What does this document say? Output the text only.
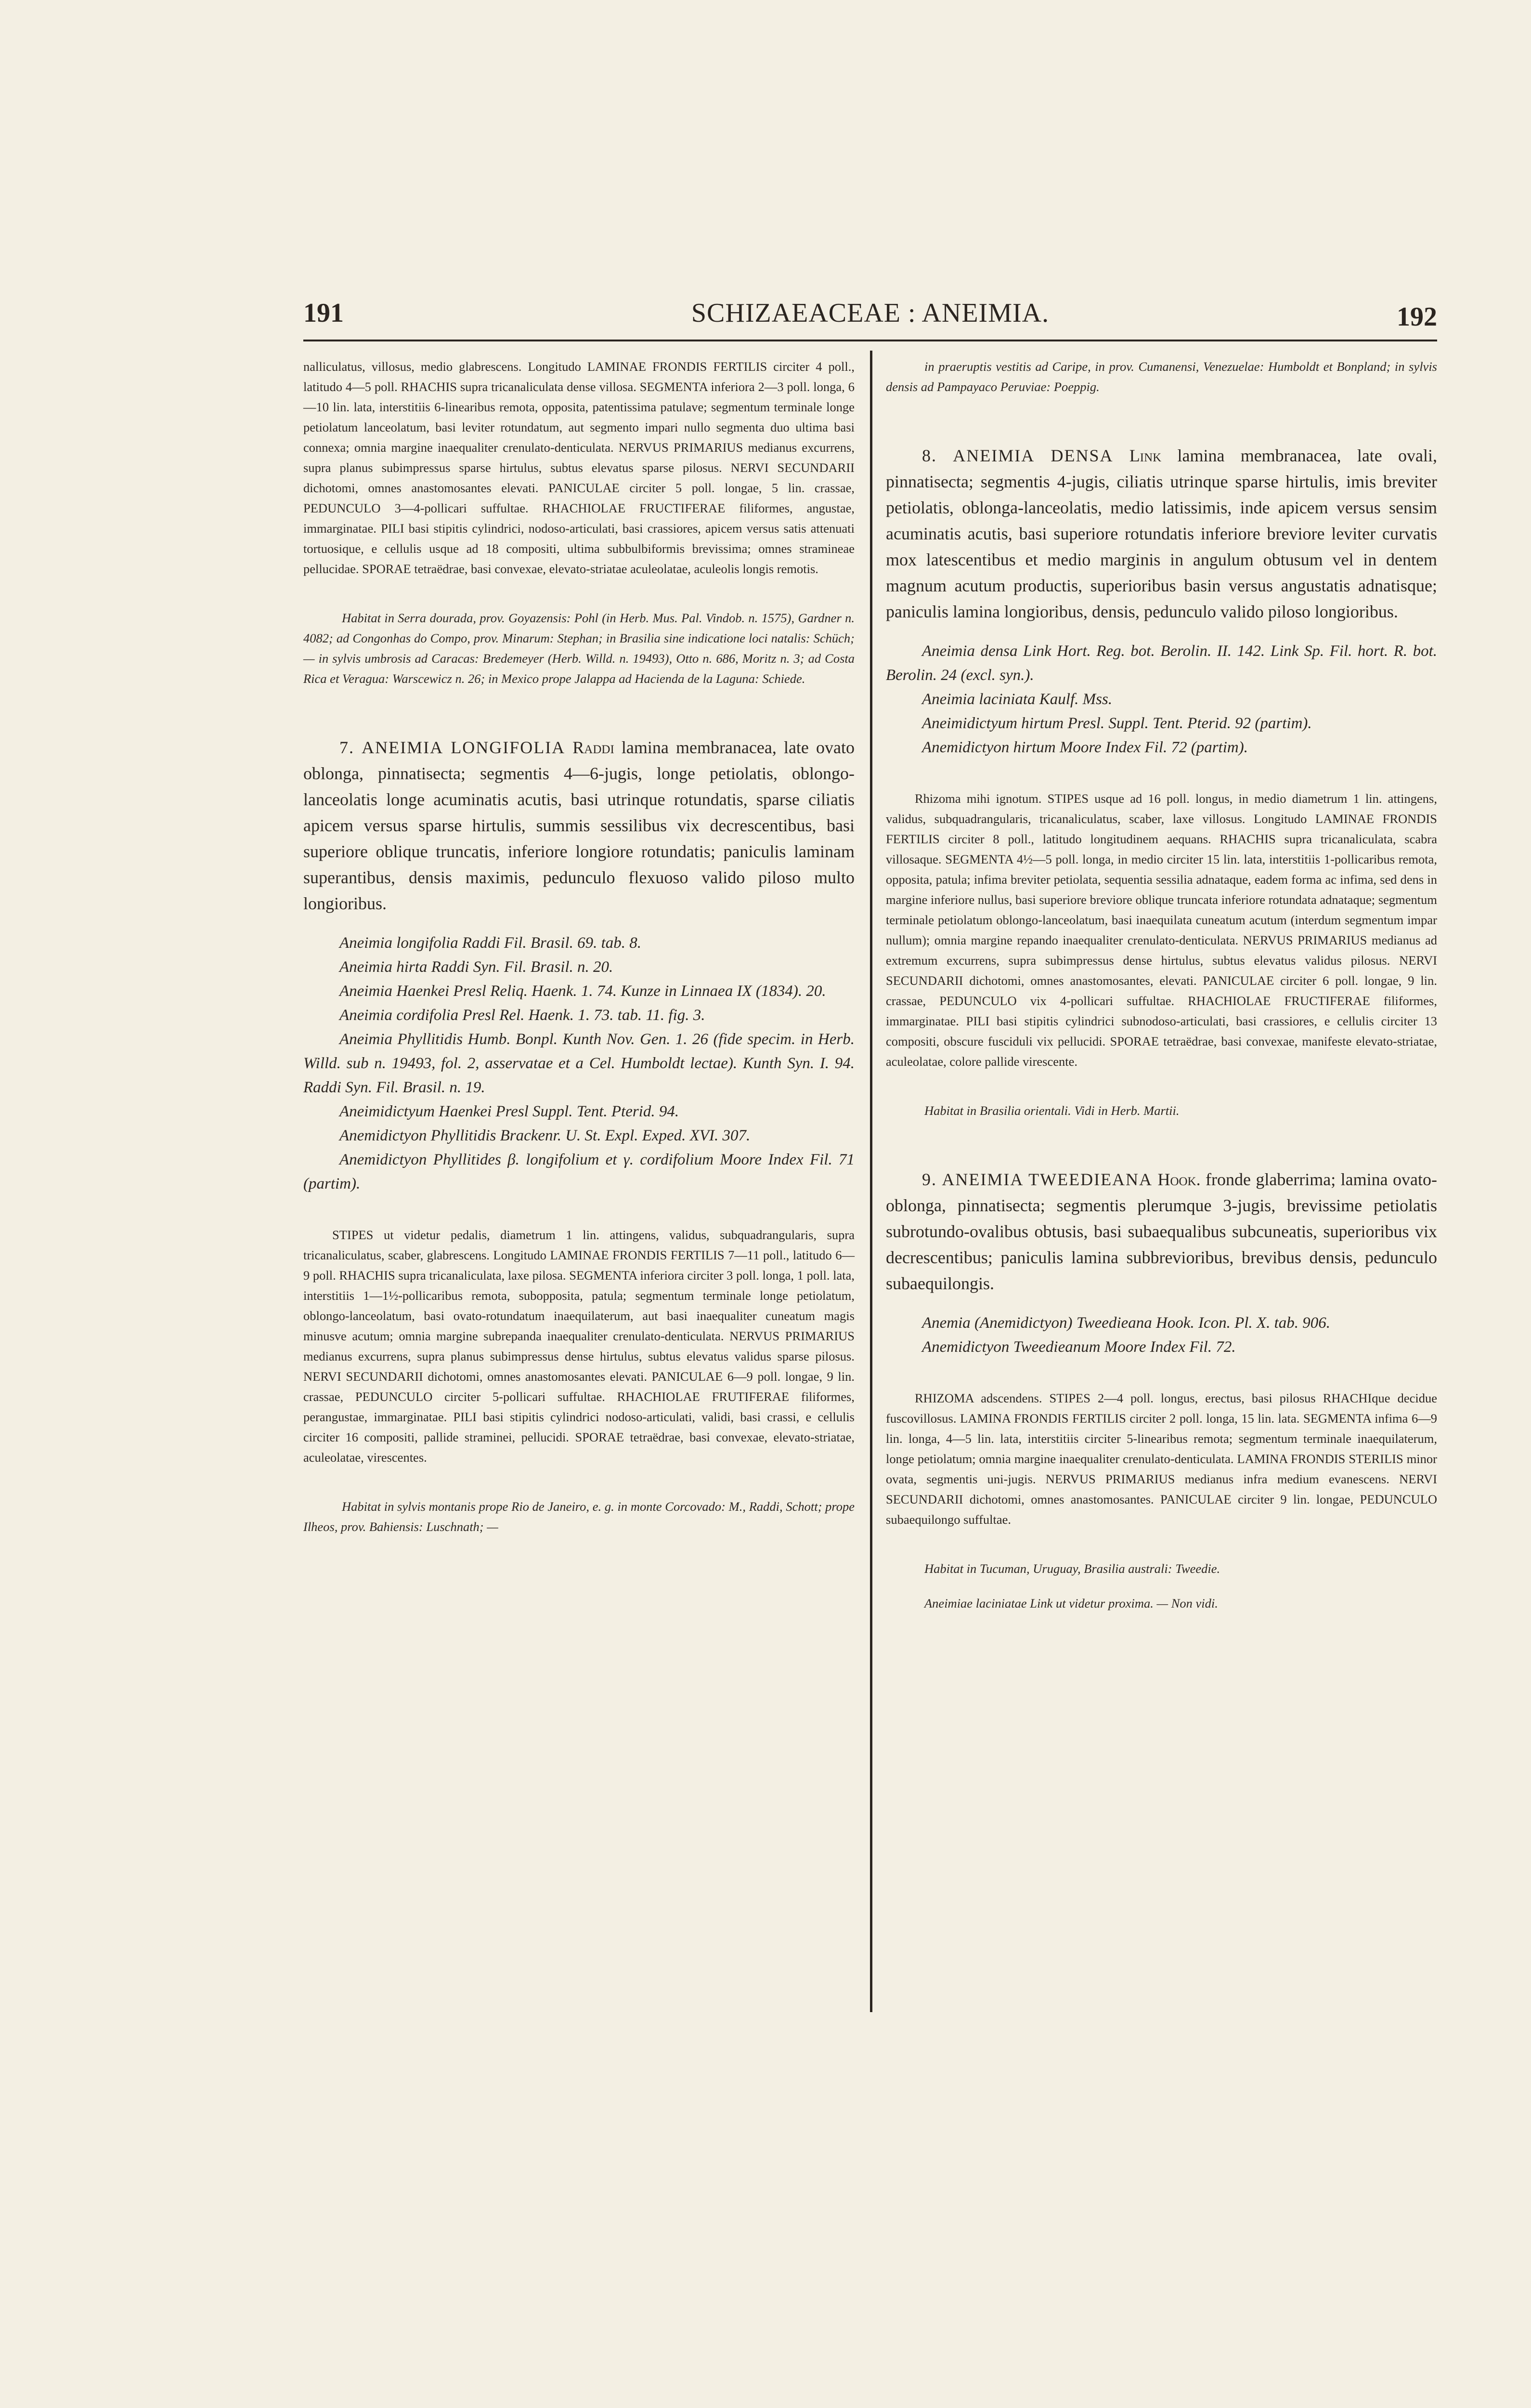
191	SCHIZAEACEAE : ANEIMIA.	192

nalliculatus, villosus, medio glabrescens. Longitudo LAMINAE FRONDIS FERTILIS circiter 4 poll., latitudo 4—5 poll. RHACHIS supra tricanaliculata dense villosa. SEGMENTA inferiora 2—3 poll. longa, 6—10 lin. lata, interstitiis 6-linearibus remota, opposita, patentissima patulave; segmentum terminale longe petiolatum lanceolatum, basi leviter rotundatum, aut segmento impari nullo segmenta duo ultima basi connexa; omnia margine inaequaliter crenulato-denticulata. NERVUS PRIMARIUS medianus excurrens, supra planus subimpressus sparse hirtulus, subtus elevatus sparse pilosus. NERVI SECUNDARII dichotomi, omnes anastomosantes elevati. PANICULAE circiter 5 poll. longae, 5 lin. crassae, PEDUNCULO 3—4-pollicari suffultae. RHACHIOLAE FRUCTIFERAE filiformes, angustae, immarginatae. PILI basi stipitis cylindrici, nodoso-articulati, basi crassiores, apicem versus satis attenuati tortuosique, e cellulis usque ad 18 compositi, ultima subbulbiformis brevissima; omnes stramineae pellucidae. SPORAE tetraëdrae, basi convexae, elevato-striatae aculeolatae, aculeolis longis remotis.

Habitat in Serra dourada, prov. Goyazensis: Pohl (in Herb. Mus. Pal. Vindob. n. 1575), Gardner n. 4082; ad Congonhas do Compo, prov. Minarum: Stephan; in Brasilia sine indicatione loci natalis: Schüch; — in sylvis umbrosis ad Caracas: Bredemeyer (Herb. Willd. n. 19493), Otto n. 686, Moritz n. 3; ad Costa Rica et Veragua: Warscewicz n. 26; in Mexico prope Jalappa ad Hacienda de la Laguna: Schiede.

7. ANEIMIA LONGIFOLIA Raddi lamina membranacea, late ovato oblonga, pinnatisecta; segmentis 4—6-jugis, longe petiolatis, oblongo-lanceolatis longe acuminatis acutis, basi utrinque rotundatis, sparse ciliatis apicem versus sparse hirtulis, summis sessilibus vix decrescentibus, basi superiore oblique truncatis, inferiore longiore rotundatis; paniculis laminam superantibus, densis maximis, pedunculo flexuoso valido piloso multo longioribus.

Aneimia longifolia Raddi Fil. Brasil. 69. tab. 8.

Aneimia hirta Raddi Syn. Fil. Brasil. n. 20.

Aneimia Haenkei Presl Reliq. Haenk. 1. 74. Kunze in Linnaea IX (1834). 20.

Aneimia cordifolia Presl Rel. Haenk. 1. 73. tab. 11. fig. 3.

Aneimia Phyllitidis Humb. Bonpl. Kunth Nov. Gen. 1. 26 (fide specim. in Herb. Willd. sub n. 19493, fol. 2, asservatae et a Cel. Humboldt lectae). Kunth Syn. I. 94. Raddi Syn. Fil. Brasil. n. 19.

Aneimidictyum Haenkei Presl Suppl. Tent. Pterid. 94.

Anemidictyon Phyllitidis Brackenr. U. St. Expl. Exped. XVI. 307.

Anemidictyon Phyllitides β. longifolium et γ. cordifolium Moore Index Fil. 71 (partim).

STIPES ut videtur pedalis, diametrum 1 lin. attingens, validus, subquadrangularis, supra tricanaliculatus, scaber, glabrescens. Longitudo LAMINAE FRONDIS FERTILIS 7—11 poll., latitudo 6—9 poll. RHACHIS supra tricanaliculata, laxe pilosa. SEGMENTA inferiora circiter 3 poll. longa, 1 poll. lata, interstitiis 1—1½-pollicaribus remota, subopposita, patula; segmentum terminale longe petiolatum, oblongo-lanceolatum, basi ovato-rotundatum inaequilaterum, aut basi inaequaliter cuneatum magis minusve acutum; omnia margine subrepanda inaequaliter crenulato-denticulata. NERVUS PRIMARIUS medianus excurrens, supra planus subimpressus dense hirtulus, subtus elevatus validus sparse pilosus. NERVI SECUNDARII dichotomi, omnes anastomosantes elevati. PANICULAE 6—9 poll. longae, 9 lin. crassae, PEDUNCULO circiter 5-pollicari suffultae. RHACHIOLAE FRUTIFERAE filiformes, perangustae, immarginatae. PILI basi stipitis cylindrici nodoso-articulati, validi, basi crassi, e cellulis circiter 16 compositi, pallide straminei, pellucidi. SPORAE tetraëdrae, basi convexae, elevato-striatae, aculeolatae, virescentes.

Habitat in sylvis montanis prope Rio de Janeiro, e. g. in monte Corcovado: M., Raddi, Schott; prope Ilheos, prov. Bahiensis: Luschnath; —

in praeruptis vestitis ad Caripe, in prov. Cumanensi, Venezuelae: Humboldt et Bonpland; in sylvis densis ad Pampayaco Peruviae: Poeppig.

8. ANEIMIA DENSA Link lamina membranacea, late ovali, pinnatisecta; segmentis 4-jugis, ciliatis utrinque sparse hirtulis, imis breviter petiolatis, oblonga-lanceolatis, medio latissimis, inde apicem versus sensim acuminatis acutis, basi superiore rotundatis inferiore breviore leviter curvatis mox latescentibus et medio marginis in angulum obtusum vel in dentem magnum acutum productis, superioribus basin versus angustatis adnatisque; paniculis lamina longioribus, densis, pedunculo valido piloso longioribus.

Aneimia densa Link Hort. Reg. bot. Berolin. II. 142. Link Sp. Fil. hort. R. bot. Berolin. 24 (excl. syn.).

Aneimia laciniata Kaulf. Mss.

Aneimidictyum hirtum Presl. Suppl. Tent. Pterid. 92 (partim).

Anemidictyon hirtum Moore Index Fil. 72 (partim).

Rhizoma mihi ignotum. STIPES usque ad 16 poll. longus, in medio diametrum 1 lin. attingens, validus, subquadrangularis, tricanaliculatus, scaber, laxe villosus. Longitudo LAMINAE FRONDIS FERTILIS circiter 8 poll., latitudo longitudinem aequans. RHACHIS supra tricanaliculata, scabra villosaque. SEGMENTA 4½—5 poll. longa, in medio circiter 15 lin. lata, interstitiis 1-pollicaribus remota, opposita, patula; infima breviter petiolata, sequentia sessilia adnataque, eadem forma ac infima, sed dens in margine inferiore nullus, basi superiore breviore oblique truncata inferiore rotundata adnataque; segmentum terminale petiolatum oblongo-lanceolatum, basi inaequilata cuneatum acutum (interdum segmentum impar nullum); omnia margine repando inaequaliter crenulato-denticulata. NERVUS PRIMARIUS medianus ad extremum excurrens, supra subimpressus dense hirtulus, subtus elevatus validus pilosus. NERVI SECUNDARII dichotomi, omnes anastomosantes, elevati. PANICULAE circiter 6 poll. longae, 9 lin. crassae, PEDUNCULO vix 4-pollicari suffultae. RHACHIOLAE FRUCTIFERAE filiformes, immarginatae. PILI basi stipitis cylindrici subnodoso-articulati, basi crassiores, e cellulis circiter 13 compositi, obscure fusciduli vix pellucidi. SPORAE tetraëdrae, basi convexae, manifeste elevato-striatae, aculeolatae, colore pallide virescente.

Habitat in Brasilia orientali. Vidi in Herb. Martii.

9. ANEIMIA TWEEDIEANA Hook. fronde glaberrima; lamina ovato-oblonga, pinnatisecta; segmentis plerumque 3-jugis, brevissime petiolatis subrotundo-ovalibus obtusis, basi subaequalibus subcuneatis, superioribus vix decrescentibus; paniculis lamina subbrevioribus, brevibus densis, pedunculo subaequilongis.

Anemia (Anemidictyon) Tweedieana Hook. Icon. Pl. X. tab. 906.

Anemidictyon Tweedieanum Moore Index Fil. 72.

RHIZOMA adscendens. STIPES 2—4 poll. longus, erectus, basi pilosus RHACHIque decidue fuscovillosus. LAMINA FRONDIS FERTILIS circiter 2 poll. longa, 15 lin. lata. SEGMENTA infima 6—9 lin. longa, 4—5 lin. lata, interstitiis circiter 5-linearibus remota; segmentum terminale inaequilaterum, longe petiolatum; omnia margine inaequaliter crenulato-denticulata. LAMINA FRONDIS STERILIS minor ovata, segmentis uni-jugis. NERVUS PRIMARIUS medianus infra medium evanescens. NERVI SECUNDARII dichotomi, omnes anastomosantes. PANICULAE circiter 9 lin. longae, PEDUNCULO subaequilongo suffultae.

Habitat in Tucuman, Uruguay, Brasilia australi: Tweedie.

Aneimiae laciniatae Link ut videtur proxima. — Non vidi.
